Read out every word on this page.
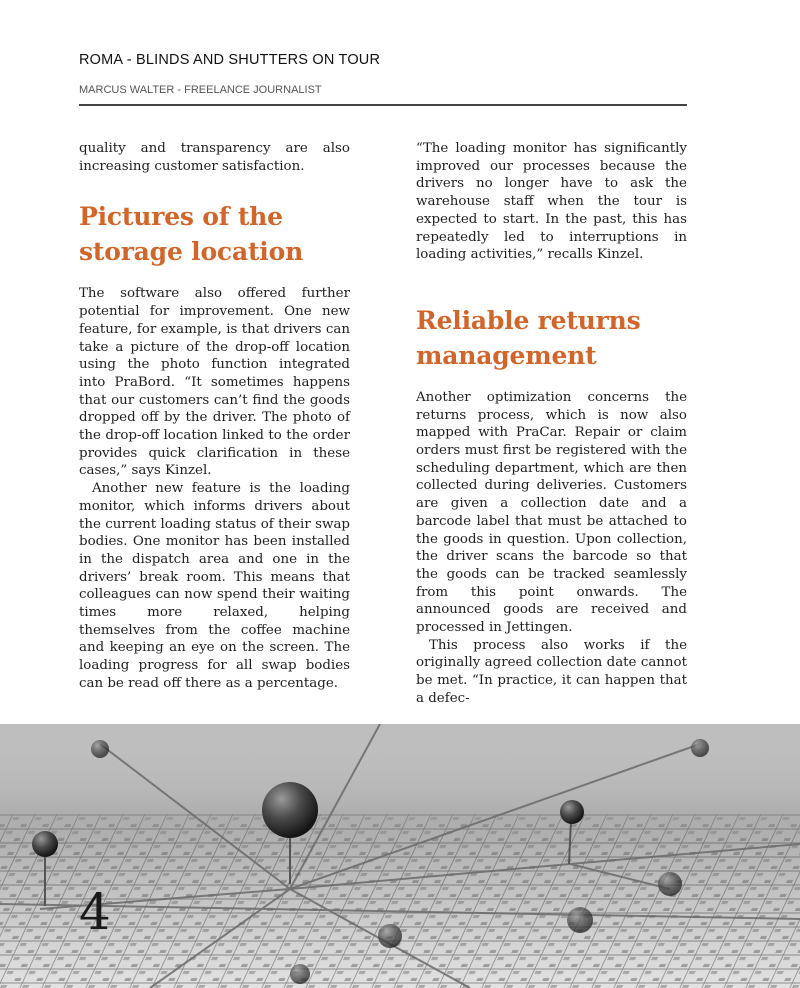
ROMA - BLINDS AND SHUTTERS ON TOUR
MARCUS WALTER - FREELANCE JOURNALIST

quality and transparency are also increasing customer satisfaction.

Pictures of the storage location

The software also offered further potential for improvement. One new feature, for example, is that drivers can take a picture of the drop-off location using the photo function integrated into PraBord. “It sometimes happens that our customers can’t find the goods dropped off by the driver. The photo of the drop-off location linked to the order provides quick clarification in these cases,” says Kinzel.

Another new feature is the loading monitor, which informs drivers about the current loading status of their swap bodies. One monitor has been installed in the dispatch area and one in the drivers’ break room. This means that colleagues can now spend their waiting times more relaxed, helping themselves from the coffee machine and keeping an eye on the screen. The loading progress for all swap bodies can be read off there as a percentage.

“The loading monitor has significantly improved our processes because the drivers no longer have to ask the warehouse staff when the tour is expected to start. In the past, this has repeatedly led to interruptions in loading activities,” recalls Kinzel.

Reliable returns management

Another optimization concerns the returns process, which is now also mapped with PraCar. Repair or claim orders must first be registered with the scheduling department, which are then collected during deliveries. Customers are given a collection date and a barcode label that must be attached to the goods in question. Upon collection, the driver scans the barcode so that the goods can be tracked seamlessly from this point onwards. The announced goods are received and processed in Jettingen.

This process also works if the originally agreed collection date cannot be met. “In practice, it can happen that a defec-

4
